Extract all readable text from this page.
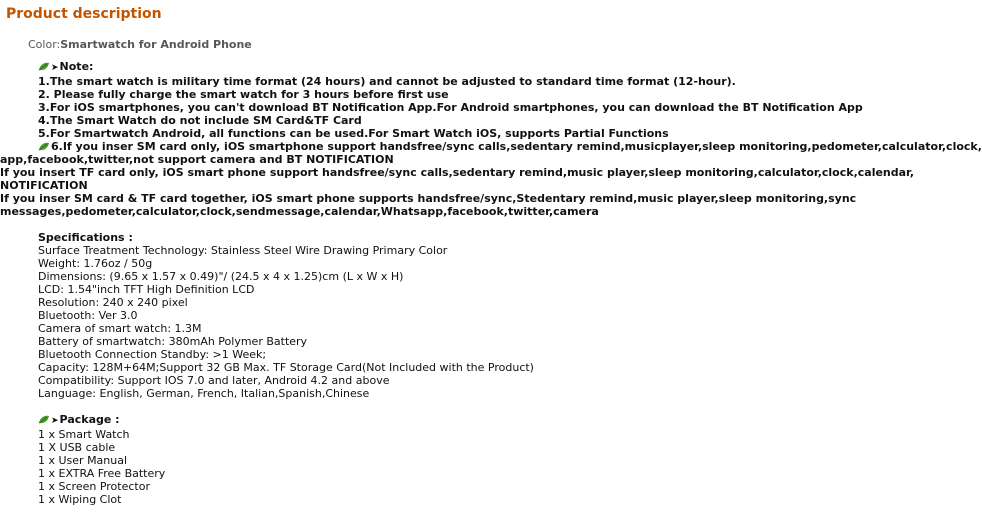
Product description
Color:Smartwatch for Android Phone
➤Note:
1.The smart watch is military time format (24 hours) and cannot be adjusted to standard time format (12-hour).
2. Please fully charge the smart watch for 3 hours before first use
3.For iOS smartphones, you can't download BT Notification App.For Android smartphones, you can download the BT Notification App
4.The Smart Watch do not include SM Card&TF Card
5.For Smartwatch Android, all functions can be used.For Smart Watch iOS, supports Partial Functions
6.If you inser SM card only, iOS smartphone support handsfree/sync calls,sedentary remind,musicplayer,sleep monitoring,pedometer,calculator,clock,
app,facebook,twitter,not support camera and BT NOTIFICATION
If you insert TF card only, iOS smart phone support handsfree/sync calls,sedentary remind,music player,sleep monitoring,calculator,clock,calendar,
NOTIFICATION
If you inser SM card & TF card together, iOS smart phone supports handsfree/sync,Stedentary remind,music player,sleep monitoring,sync
messages,pedometer,calculator,clock,sendmessage,calendar,Whatsapp,facebook,twitter,camera
Specifications :
Surface Treatment Technology: Stainless Steel Wire Drawing Primary Color
Weight: 1.76oz / 50g
Dimensions: (9.65 x 1.57 x 0.49)"/ (24.5 x 4 x 1.25)cm (L x W x H)
LCD: 1.54"inch TFT High Definition LCD
Resolution: 240 x 240 pixel
Bluetooth: Ver 3.0
Camera of smart watch: 1.3M
Battery of smartwatch: 380mAh Polymer Battery
Bluetooth Connection Standby: >1 Week;
Capacity: 128M+64M;Support 32 GB Max. TF Storage Card(Not Included with the Product)
Compatibility: Support IOS 7.0 and later, Android 4.2 and above
Language: English, German, French, Italian,Spanish,Chinese
➤Package :
1 x Smart Watch
1 X USB cable
1 x User Manual
1 x EXTRA Free Battery
1 x Screen Protector
1 x Wiping Clot
